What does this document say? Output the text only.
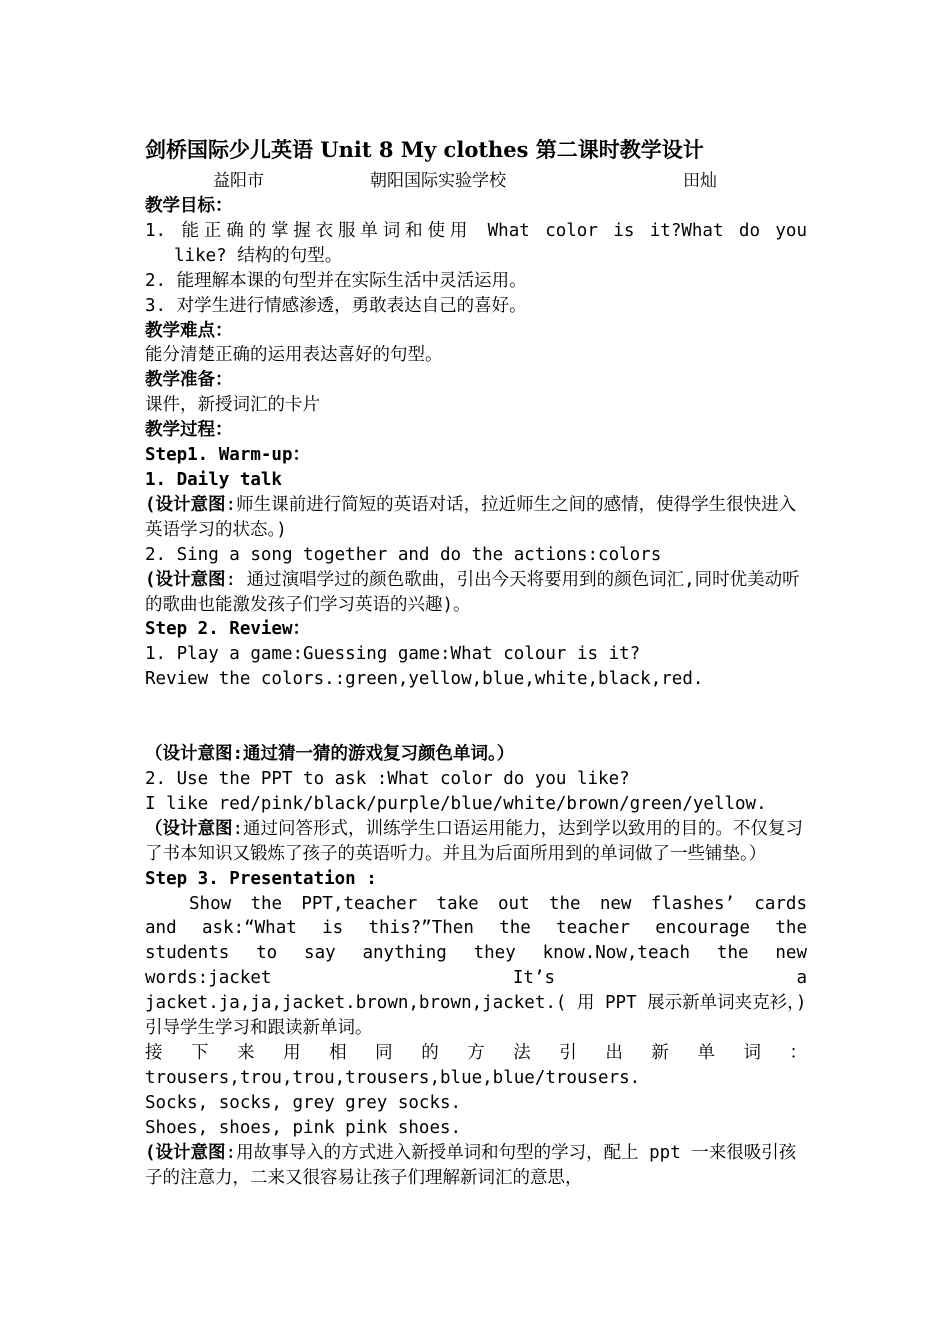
剑桥国际少儿英语 Unit 8 My clothes 第二课时教学设计
益阳市	朝阳国际实验学校	田灿

教学目标：

1. 能正确的掌握衣服单词和使用 What color is it?What do you

like? 结构的句型。

2. 能理解本课的句型并在实际生活中灵活运用。

3. 对学生进行情感渗透，勇敢表达自己的喜好。

教学难点：

能分清楚正确的运用表达喜好的句型。

教学准备：

课件，新授词汇的卡片

教学过程：

Step1. Warm-up：

1. Daily talk

(设计意图:师生课前进行简短的英语对话，拉近师生之间的感情，使得学生很快进入英语学习的状态。)

2. Sing a song together and do the actions:colors

(设计意图: 通过演唱学过的颜色歌曲，引出今天将要用到的颜色词汇,同时优美动听的歌曲也能激发孩子们学习英语的兴趣)。

Step 2. Review：

1. Play a game:Guessing game:What colour is it?

Review the colors.:green,yellow,blue,white,black,red.

（设计意图:通过猜一猜的游戏复习颜色单词。）

2. Use the PPT to ask :What color do you like?

I like red/pink/black/purple/blue/white/brown/green/yellow.

（设计意图:通过问答形式，训练学生口语运用能力，达到学以致用的目的。不仅复习了书本知识又锻炼了孩子的英语听力。并且为后面所用到的单词做了一些铺垫。）

Step 3. Presentation :

Show the PPT,teacher take out the new flashes’ cards

and ask:“What is this?”Then the teacher encourage the

students to say anything they know.Now,teach the new

words:jacket It’s a

jacket.ja,ja,jacket.brown,brown,jacket.( 用 PPT 展示新单词夹克衫，)引导学生学习和跟读新单词。

接 下 来 用 相 同 的 方 法 引 出 新 单 词 ：

trousers,trou,trou,trousers,blue,blue/trousers.

Socks, socks, grey grey socks.

Shoes, shoes, pink pink shoes.

(设计意图:用故事导入的方式进入新授单词和句型的学习，配上 ppt 一来很吸引孩子的注意力，二来又很容易让孩子们理解新词汇的意思，
